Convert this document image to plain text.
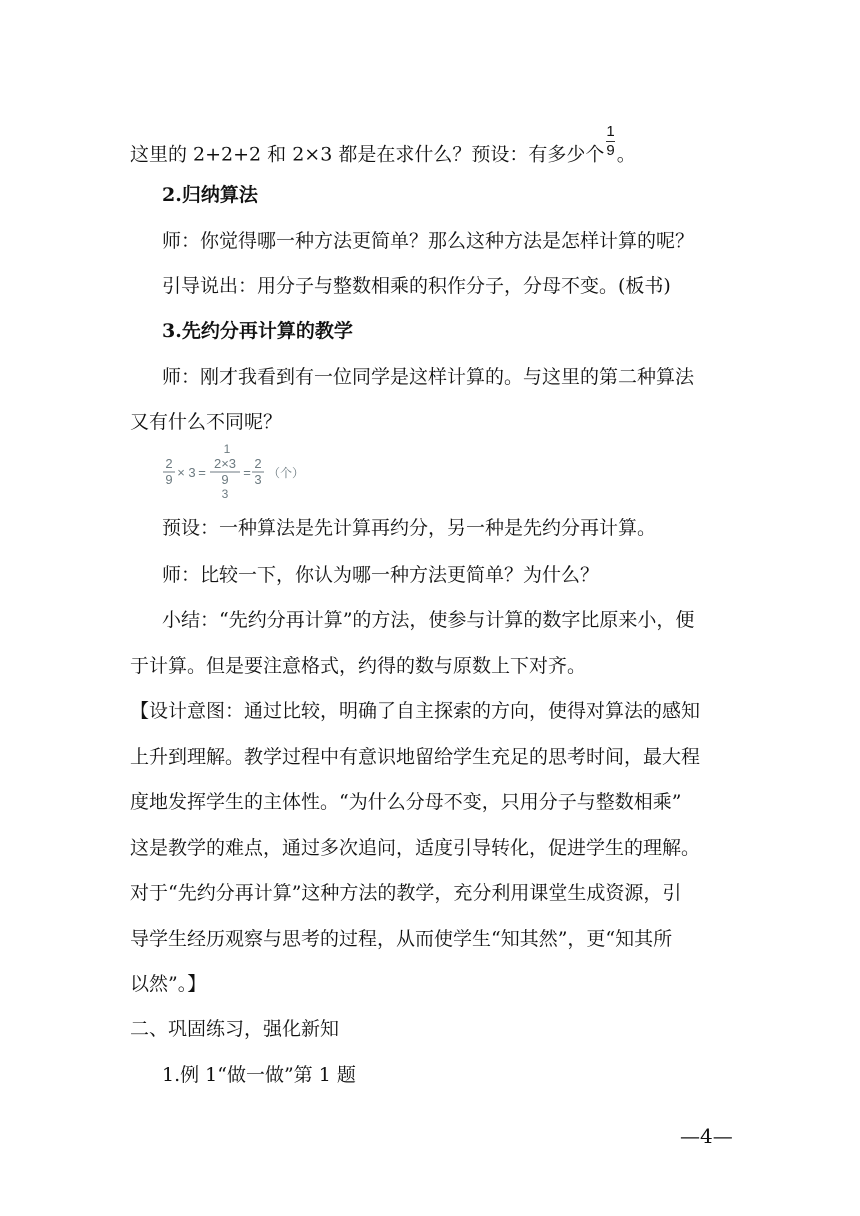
这里的 2+2+2 和 2×3 都是在求什么？预设：有多少个 $\frac{1}{9}$ 。
2.归纳算法
师：你觉得哪一种方法更简单？那么这种方法是怎样计算的呢？
引导说出：用分子与整数相乘的积作分子，分母不变。(板书)
3.先约分再计算的教学
师：刚才我看到有一位同学是这样计算的。与这里的第二种算法
又有什么不同呢？
2
9 × 3 =
1
2×3
9
3
=
2
3 （个）
预设：一种算法是先计算再约分，另一种是先约分再计算。
师：比较一下，你认为哪一种方法更简单？为什么？
小结：“先约分再计算”的方法，使参与计算的数字比原来小，便
于计算。但是要注意格式，约得的数与原数上下对齐。
【设计意图：通过比较，明确了自主探索的方向，使得对算法的感知
上升到理解。教学过程中有意识地留给学生充足的思考时间，最大程
度地发挥学生的主体性。“为什么分母不变，只用分子与整数相乘”
这是教学的难点，通过多次追问，适度引导转化，促进学生的理解。
对于“先约分再计算”这种方法的教学，充分利用课堂生成资源，引
导学生经历观察与思考的过程，从而使学生“知其然”，更“知其所
以然”。】
二、巩固练习，强化新知
1.例 1“做一做”第 1 题
—4—
